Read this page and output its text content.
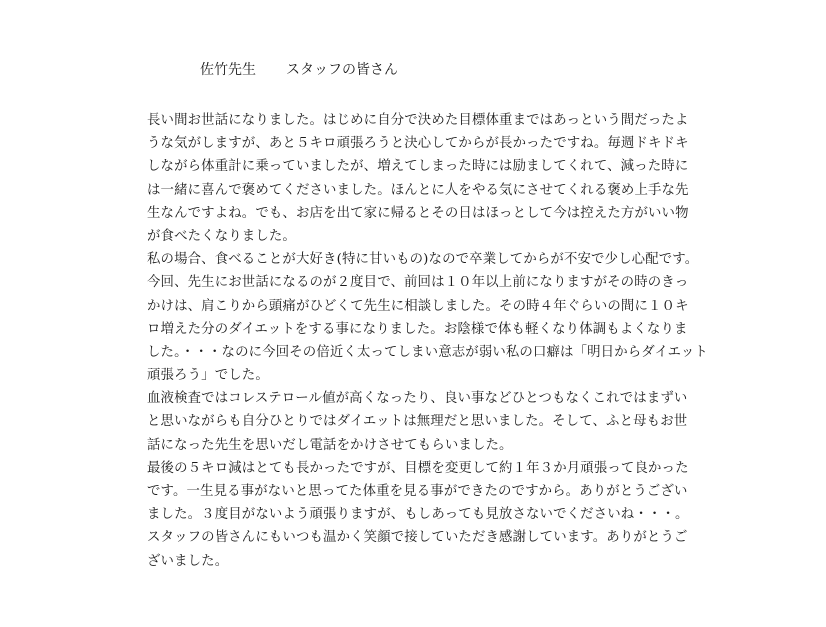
佐竹先生 スタッフの皆さん
長い間お世話になりました。はじめに自分で決めた目標体重まではあっという間だったよ
うな気がしますが、あと５キロ頑張ろうと決心してからが長かったですね。毎週ドキドキ
しながら体重計に乗っていましたが、増えてしまった時には励ましてくれて、減った時に
は一緒に喜んで褒めてくださいました。ほんとに人をやる気にさせてくれる褒め上手な先
生なんですよね。でも、お店を出て家に帰るとその日はほっとして今は控えた方がいい物
が食べたくなりました。
私の場合、食べることが大好き(特に甘いもの)なので卒業してからが不安で少し心配です。
今回、先生にお世話になるのが２度目で、前回は１０年以上前になりますがその時のきっ
かけは、肩こりから頭痛がひどくて先生に相談しました。その時４年ぐらいの間に１０キ
ロ増えた分のダイエットをする事になりました。お陰様で体も軽くなり体調もよくなりま
した。・・・なのに今回その倍近く太ってしまい意志が弱い私の口癖は「明日からダイエット
頑張ろう」でした。
血液検査ではコレステロール値が高くなったり、良い事などひとつもなくこれではまずい
と思いながらも自分ひとりではダイエットは無理だと思いました。そして、ふと母もお世
話になった先生を思いだし電話をかけさせてもらいました。
最後の５キロ減はとても長かったですが、目標を変更して約１年３か月頑張って良かった
です。一生見る事がないと思ってた体重を見る事ができたのですから。ありがとうござい
ました。３度目がないよう頑張りますが、もしあっても見放さないでくださいね・・・。
スタッフの皆さんにもいつも温かく笑顔で接していただき感謝しています。ありがとうご
ざいました。
